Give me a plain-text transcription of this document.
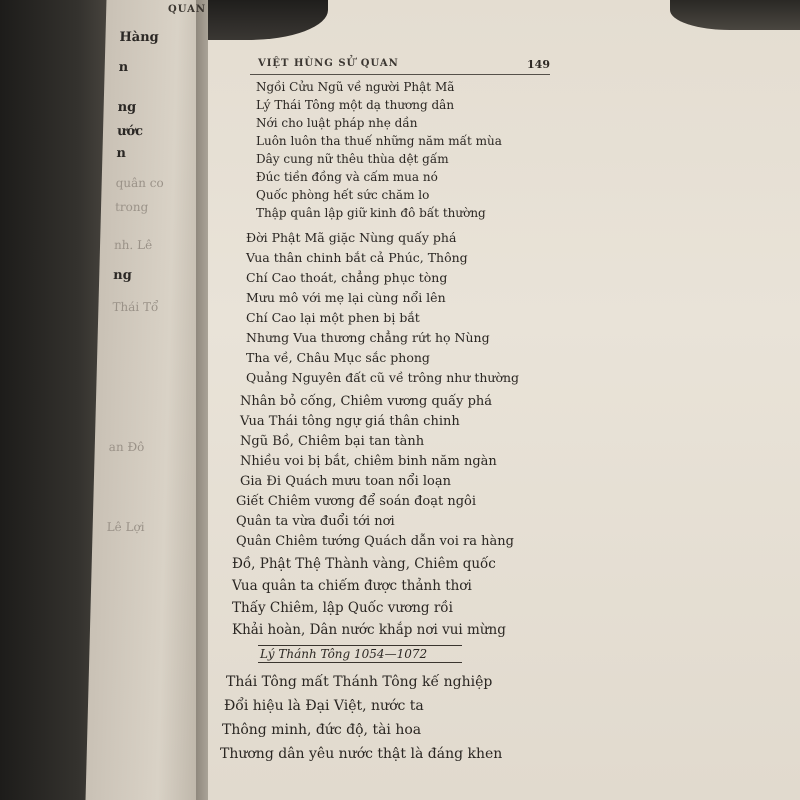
Hàng
n
ng
ước
n
quân co
trong
nh. Lê
ng
Thái Tổ
an Đô
Lê Lợi
QUAN
VIỆT HÙNG SỬ QUAN	149
Ngồi Cửu Ngũ về người Phật Mã
Lý Thái Tông một dạ thương dân
Nới cho luật pháp nhẹ dần
Luôn luôn tha thuế những năm mất mùa
Dây cung nữ thêu thùa dệt gấm
Đúc tiền đồng và cấm mua nó
Quốc phòng hết sức chăm lo
Thập quân lập giữ kinh đô bất thường
Đời Phật Mã giặc Nùng quấy phá
Vua thân chinh bắt cả Phúc, Thông
Chí Cao thoát, chẳng phục tòng
Mưu mô với mẹ lại cùng nổi lên
Chí Cao lại một phen bị bắt
Nhưng Vua thương chẳng rứt họ Nùng
Tha về, Châu Mục sắc phong
Quảng Nguyên đất cũ về trông như thường
Nhân bỏ cống, Chiêm vương quấy phá
Vua Thái tông ngự giá thân chinh
Ngũ Bồ, Chiêm bại tan tành
Nhiều voi bị bắt, chiêm binh năm ngàn
Gia Đi Quách mưu toan nổi loạn
Giết Chiêm vương để soán đoạt ngôi
Quân ta vừa đuổi tới nơi
Quân Chiêm tướng Quách dẫn voi ra hàng
Đồ, Phật Thệ Thành vàng, Chiêm quốc
Vua quân ta chiếm được thảnh thơi
Thấy Chiêm, lập Quốc vương rồi
Khải hoàn, Dân nước khắp nơi vui mừng
Lý Thánh Tông 1054—1072
Thái Tông mất Thánh Tông kế nghiệp
Đổi hiệu là Đại Việt, nước ta
Thông minh, đức độ, tài hoa
Thương dân yêu nước thật là đáng khen
